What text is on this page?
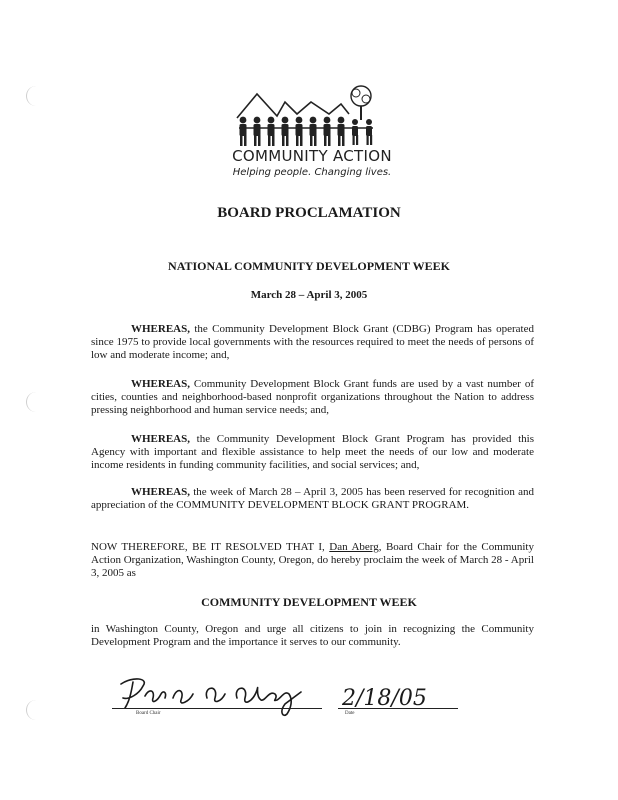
COMMUNITY ACTION
Helping people. Changing lives.
BOARD PROCLAMATION
NATIONAL COMMUNITY DEVELOPMENT WEEK
March 28 – April 3, 2005
WHEREAS, the Community Development Block Grant (CDBG) Program has operated since 1975 to provide local governments with the resources required to meet the needs of persons of low and moderate income; and,
WHEREAS, Community Development Block Grant funds are used by a vast number of cities, counties and neighborhood-based nonprofit organizations throughout the Nation to address pressing neighborhood and human service needs; and,
WHEREAS, the Community Development Block Grant Program has provided this Agency with important and flexible assistance to help meet the needs of our low and moderate income residents in funding community facilities, and social services; and,
WHEREAS, the week of March 28 – April 3, 2005 has been reserved for recognition and appreciation of the COMMUNITY DEVELOPMENT BLOCK GRANT PROGRAM.
NOW THEREFORE, BE IT RESOLVED THAT I, Dan Aberg, Board Chair for the Community Action Organization, Washington County, Oregon, do hereby proclaim the week of March 28 - April 3, 2005 as
COMMUNITY DEVELOPMENT WEEK
in Washington County, Oregon and urge all citizens to join in recognizing the Community Development Program and the importance it serves to our community.
Board Chair
2/18/05
Date
